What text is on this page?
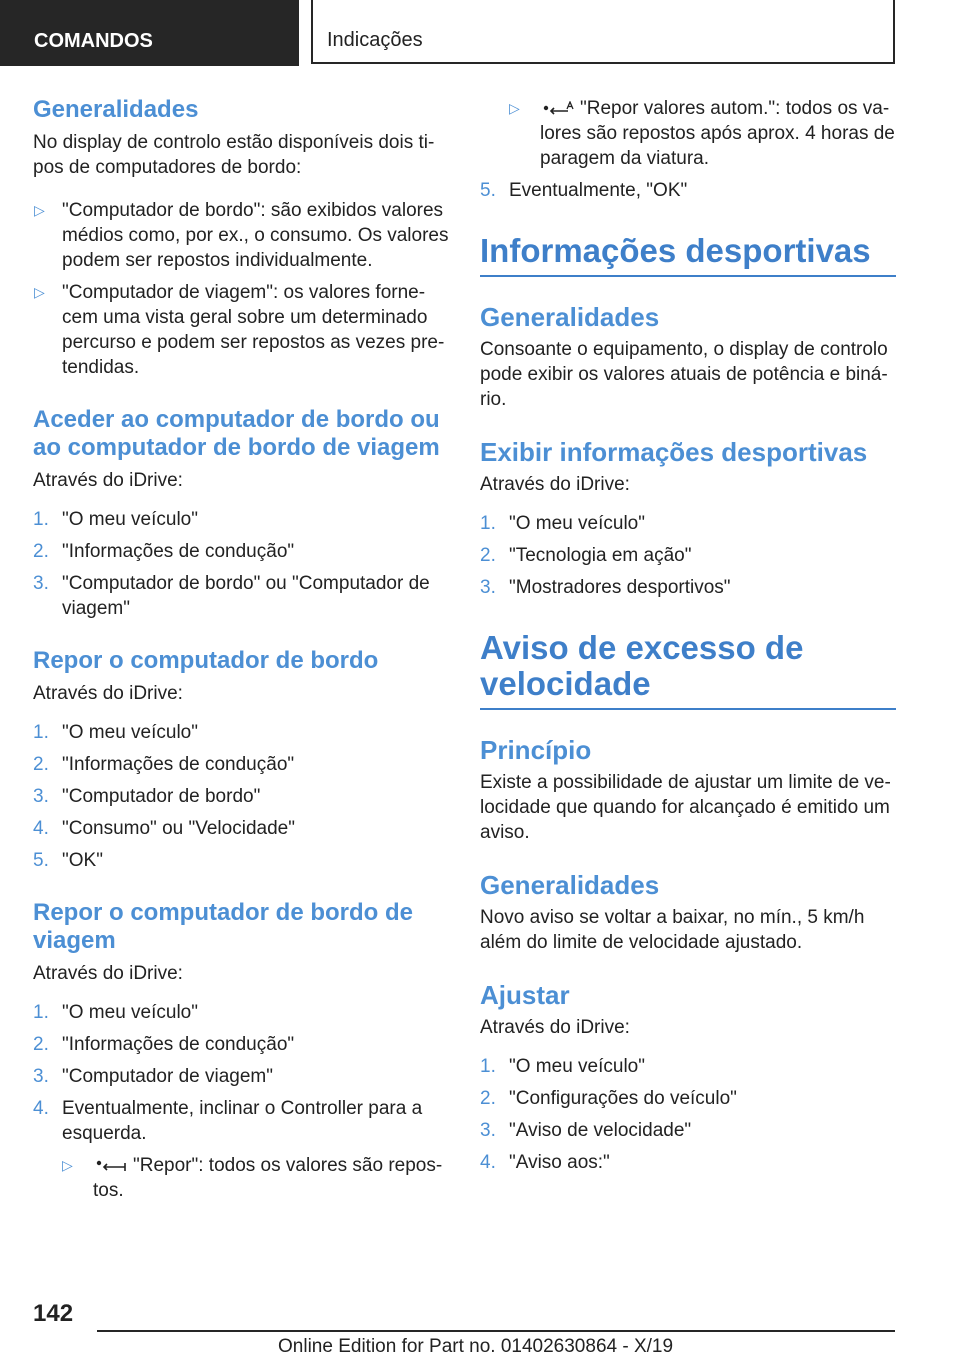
COMANDOS	Indicações
Generalidades
No display de controlo estão disponíveis dois ti-pos de computadores de bordo:
▷ "Computador de bordo": são exibidos valores médios como, por ex., o consumo. Os valores podem ser repostos individualmente.
▷ "Computador de viagem": os valores forne-cem uma vista geral sobre um determinado percurso e podem ser repostos as vezes pre-tendidas.
Aceder ao computador de bordo ou ao computador de bordo de viagem
Através do iDrive:
1. "O meu veículo"
2. "Informações de condução"
3. "Computador de bordo" ou "Computador de viagem"
Repor o computador de bordo
Através do iDrive:
1. "O meu veículo"
2. "Informações de condução"
3. "Computador de bordo"
4. "Consumo" ou "Velocidade"
5. "OK"
Repor o computador de bordo de viagem
Através do iDrive:
1. "O meu veículo"
2. "Informações de condução"
3. "Computador de viagem"
4. Eventualmente, inclinar o Controller para a esquerda.
▷	"Repor": todos os valores são repos-tos.
▷	"Repor valores autom.": todos os va-lores são repostos após aprox. 4 horas de paragem da viatura.
5. Eventualmente, "OK"
Informações desportivas
Generalidades
Consoante o equipamento, o display de controlo pode exibir os valores atuais de potência e biná-rio.
Exibir informações desportivas
Através do iDrive:
1. "O meu veículo"
2. "Tecnologia em ação"
3. "Mostradores desportivos"
Aviso de excesso de velocidade
Princípio
Existe a possibilidade de ajustar um limite de ve-locidade que quando for alcançado é emitido um aviso.
Generalidades
Novo aviso se voltar a baixar, no mín., 5 km/h além do limite de velocidade ajustado.
Ajustar
Através do iDrive:
1. "O meu veículo"
2. "Configurações do veículo"
3. "Aviso de velocidade"
4. "Aviso aos:"
142
Online Edition for Part no. 01402630864 - X/19
